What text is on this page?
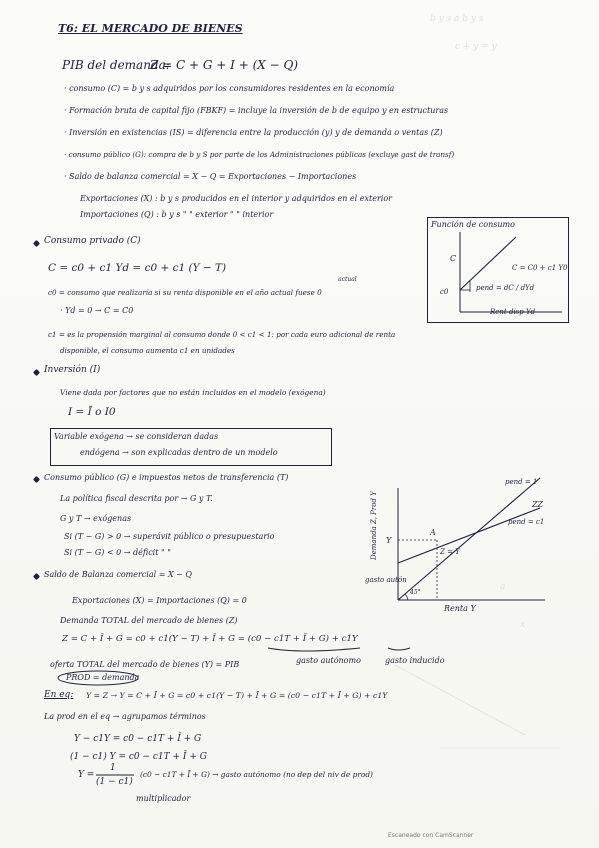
b y s a b y s
c + y = y
a
x
T6: EL MERCADO DE BIENES
PIB del demanda:
Z = C + G + I + (X − Q)
· consumo (C) = b y s adquiridos por los consumidores residentes en la economía
· Formación bruta de capital fijo (FBKF) = incluye la inversión de b de equipo y en estructuras
· Inversión en existencias (IS) = diferencia entre la producción (y) y de demanda o ventas (Z)
· consumo público (G): compra de b y S por parte de los Administraciones públicas (excluye gast de transf)
· Saldo de balanza comercial = X − Q = Exportaciones − Importaciones
Exportaciones (X) : b y s producidos en el interior y adquiridos en el exterior
Importaciones (Q) : b y s " " exterior " " interior
Consumo privado (C)
C = c0 + c1 Yd = c0 + c1 (Y − T)
actual
c0 = consumo que realizaría si su renta disponible en el año actual fuese 0
· Yd = 0 → C = C0
c1 = es la propensión marginal al consumo donde 0 < c1 < 1: por cada euro adicional de renta
disponible, el consumo aumenta c1 en unidades
Función de consumo
C
C = C0 + c1 Y0
pend = dC / dYd
c0
Rent disp Yd
Inversión (I)
Viene dada por factores que no están incluidos en el modelo (exógena)
I = Ī o I0
Variable exógena → se consideran dadas
endógena → son explicadas dentro de un modelo
Consumo público (G) e impuestos netos de transferencia (T)
La política fiscal descrita por → G y T.
G y T → exógenas
Si (T − G) > 0 → superávit público o presupuestario
Si (T − G) < 0 → déficit " "	Demanda Z, Prod Y
pend = 1
ZZ
pend = c1
A
Y
Z = Y
gasto autón
45°
Renta Y
Saldo de Balanza comercial = X − Q
Exportaciones (X) = Importaciones (Q) = 0
Demanda TOTAL del mercado de bienes (Z)
Z = C + Ī + G = c0 + c1(Y − T) + Ī + G = (c0 − c1T + Ī + G) + c1Y
gasto autónomo	gasto inducido
oferta TOTAL del mercado de bienes (Y) = PIB
PROD = demanda
En eq: Y = Z → Y = C + Ī + G = c0 + c1(Y − T) + Ī + G = (c0 − c1T + Ī + G) + c1Y
La prod en el eq → agrupamos términos
Y − c1Y = c0 − c1T + Ī + G
(1 − c1) Y = c0 − c1T + Ī + G
Y =
1
(1 − c1)
(c0 − c1T + Ī + G) → gasto autónomo (no dep del niv de prod)
multiplicador
Escaneado con CamScanner
